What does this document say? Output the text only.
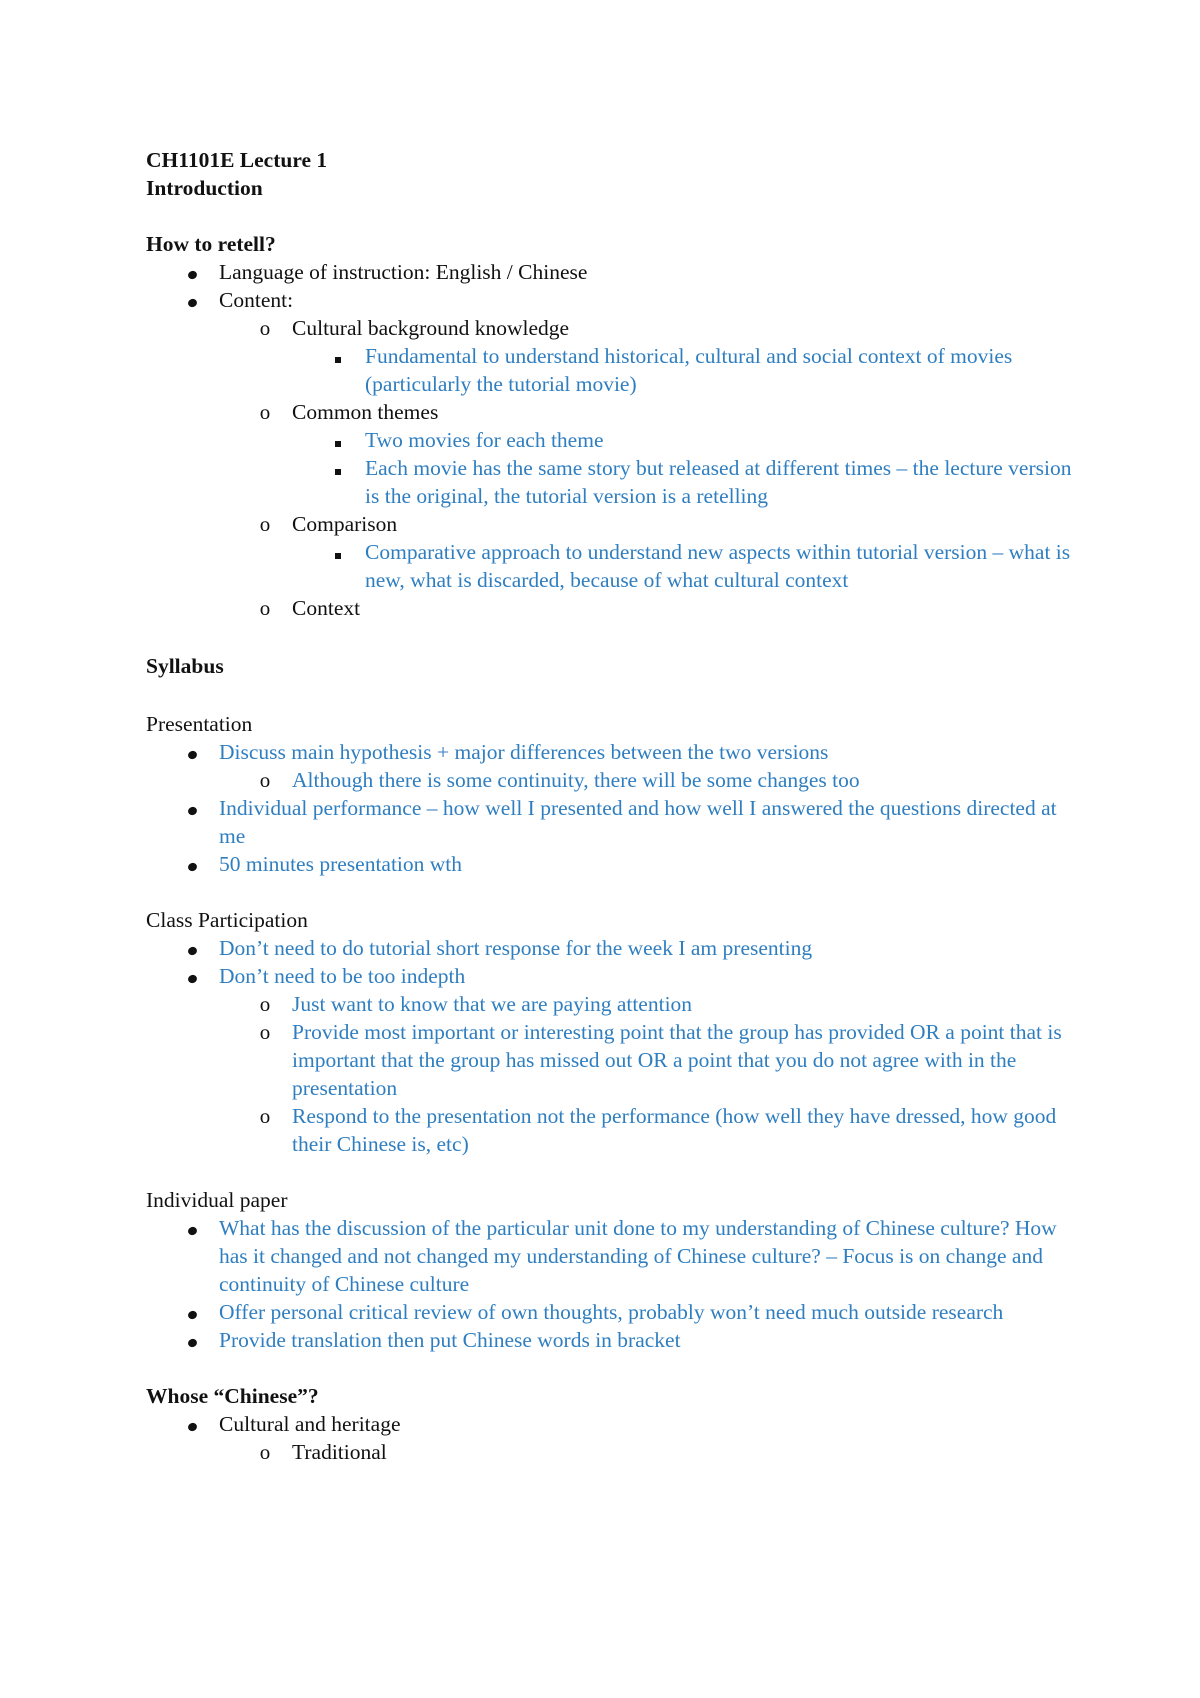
CH1101E Lecture 1
Introduction
How to retell?
Language of instruction: English / Chinese
Content:
o Cultural background knowledge
Fundamental to understand historical, cultural and social context of movies (particularly the tutorial movie)
o Common themes
Two movies for each theme
Each movie has the same story but released at different times – the lecture version is the original, the tutorial version is a retelling
o Comparison
Comparative approach to understand new aspects within tutorial version – what is new, what is discarded, because of what cultural context
o Context
Syllabus
Presentation
Discuss main hypothesis + major differences between the two versions
o Although there is some continuity, there will be some changes too
Individual performance – how well I presented and how well I answered the questions directed at me
50 minutes presentation wth
Class Participation
Don’t need to do tutorial short response for the week I am presenting
Don’t need to be too indepth
o Just want to know that we are paying attention
o Provide most important or interesting point that the group has provided OR a point that is important that the group has missed out OR a point that you do not agree with in the presentation
o Respond to the presentation not the performance (how well they have dressed, how good their Chinese is, etc)
Individual paper
What has the discussion of the particular unit done to my understanding of Chinese culture? How has it changed and not changed my understanding of Chinese culture? – Focus is on change and continuity of Chinese culture
Offer personal critical review of own thoughts, probably won’t need much outside research
Provide translation then put Chinese words in bracket
Whose “Chinese”?
Cultural and heritage
o Traditional
